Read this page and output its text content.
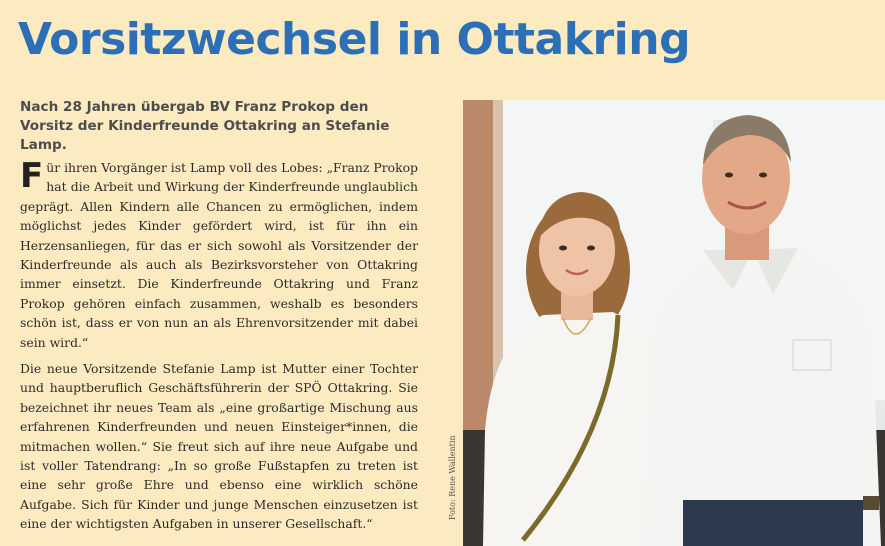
Vorsitzwechsel in Ottakring

Nach 28 Jahren übergab BV Franz Prokop den Vorsitz der Kinderfreunde Ottakring an Stefanie Lamp.

Für ihren Vorgänger ist Lamp voll des Lobes: „Franz Prokop hat die Arbeit und Wirkung der Kinderfreunde unglaublich geprägt. Allen Kindern alle Chancen zu ermöglichen, indem möglichst jedes Kinder gefördert wird, ist für ihn ein Herzensanliegen, für das er sich sowohl als Vorsitzender der Kinderfreunde als auch als Bezirksvorsteher von Ottakring immer einsetzt. Die Kinderfreunde Ottakring und Franz Prokop gehören einfach zusammen, weshalb es besonders schön ist, dass er von nun an als Ehrenvorsitzender mit dabei sein wird.“

Die neue Vorsitzende Stefanie Lamp ist Mutter einer Tochter und hauptberuflich Geschäftsführerin der SPÖ Ottakring. Sie bezeichnet ihr neues Team als „eine großartige Mischung aus erfahrenen Kinderfreunden und neuen Einsteiger*innen, die mitmachen wollen.“ Sie freut sich auf ihre neue Aufgabe und ist voller Tatendrang: „In so große Fußstapfen zu treten ist eine sehr große Ehre und ebenso eine wirklich schöne Aufgabe. Sich für Kinder und junge Menschen einzusetzen ist eine der wichtigsten Aufgaben in unserer Gesellschaft.“

Foto: Rene Wallentin
